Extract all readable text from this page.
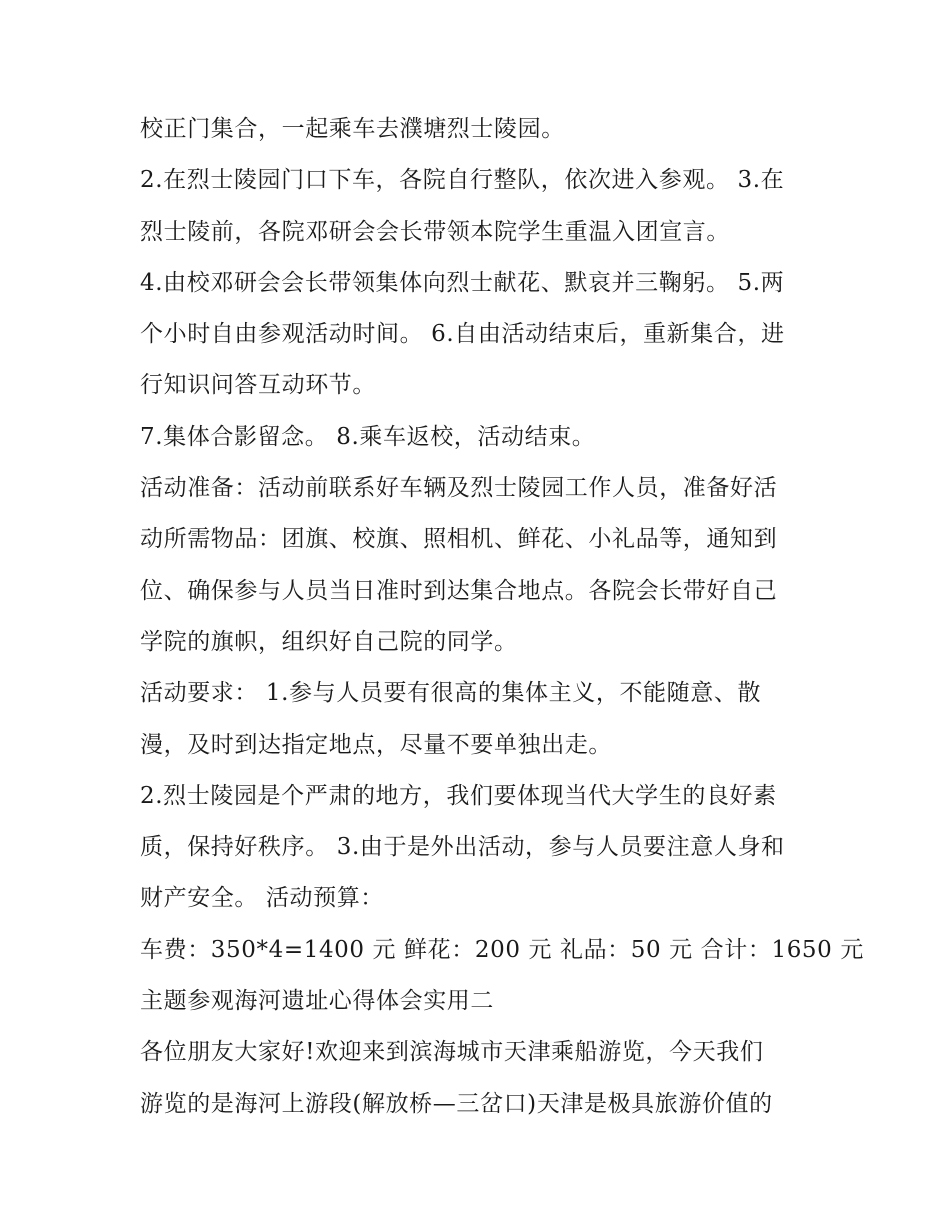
校正门集合，一起乘车去濮塘烈士陵园。
2.在烈士陵园门口下车，各院自行整队，依次进入参观。 3.在
烈士陵前，各院邓研会会长带领本院学生重温入团宣言。
4.由校邓研会会长带领集体向烈士献花、默哀并三鞠躬。 5.两
个小时自由参观活动时间。 6.自由活动结束后，重新集合，进
行知识问答互动环节。
7.集体合影留念。 8.乘车返校，活动结束。
活动准备：活动前联系好车辆及烈士陵园工作人员，准备好活
动所需物品：团旗、校旗、照相机、鲜花、小礼品等，通知到
位、确保参与人员当日准时到达集合地点。各院会长带好自己
学院的旗帜，组织好自己院的同学。
活动要求： 1.参与人员要有很高的集体主义，不能随意、散
漫，及时到达指定地点，尽量不要单独出走。
2.烈士陵园是个严肃的地方，我们要体现当代大学生的良好素
质，保持好秩序。 3.由于是外出活动，参与人员要注意人身和
财产安全。 活动预算：
车费：350*4=1400 元 鲜花：200 元 礼品：50 元 合计：1650 元
主题参观海河遗址心得体会实用二
各位朋友大家好!欢迎来到滨海城市天津乘船游览，今天我们
游览的是海河上游段(解放桥—三岔口)天津是极具旅游价值的
